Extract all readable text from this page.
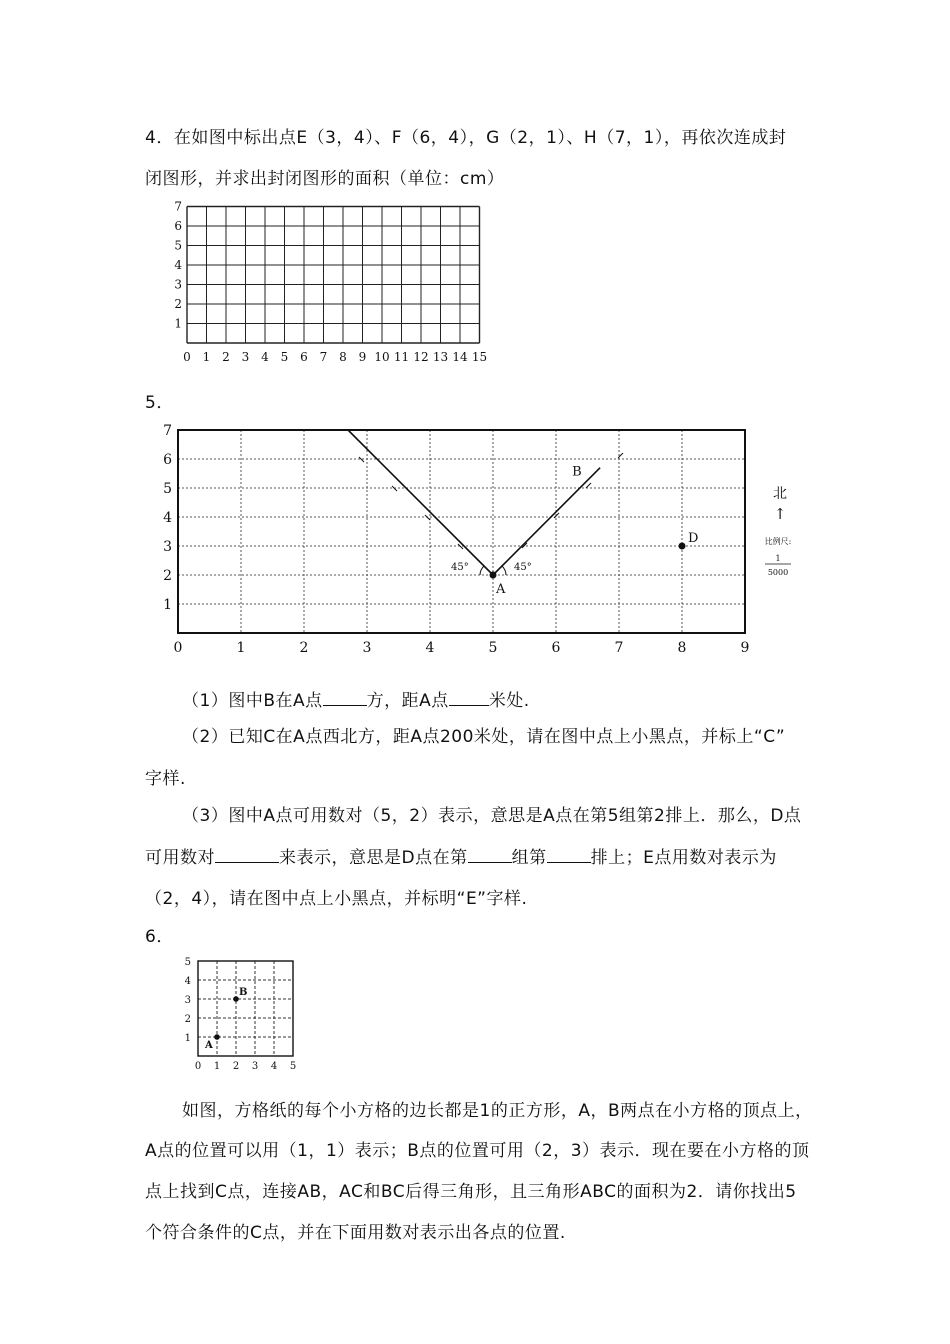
4．在如图中标出点E（3，4）、F（6，4），G（2，1）、H（7，1），再依次连成封
闭图形，并求出封闭图形的面积（单位：cm）
0 1 2 3 4 5 6 7 8 9 10 11 12 13 14 15
1
2
3
4
5
6
7
5．
0	1	2	3	4	5	6	7	8	9
1
2
3
4
5
6
7
45°	45°
A
B
D
北
↑
比例尺:
1
5000
（1）图中B在A点	方，距A点 米处.
（2）已知C在A点西北方，距A点200米处，请在图中点上小黑点，并标上“C”
字样.
（3）图中A点可用数对（5，2）表示，意思是A点在第5组第2排上．那么，D点
可用数对	来表示，意思是D点在第	组第	排上；E点用数对表示为
（2，4），请在图中点上小黑点，并标明“E”字样.
6．
0 1 2 3 4 5
1
2
3
4
5
A
B
如图，方格纸的每个小方格的边长都是1的正方形，A，B两点在小方格的顶点上，
A点的位置可以用（1，1）表示；B点的位置可用（2，3）表示．现在要在小方格的顶
点上找到C点，连接AB，AC和BC后得三角形，且三角形ABC的面积为2．请你找出5
个符合条件的C点，并在下面用数对表示出各点的位置.
